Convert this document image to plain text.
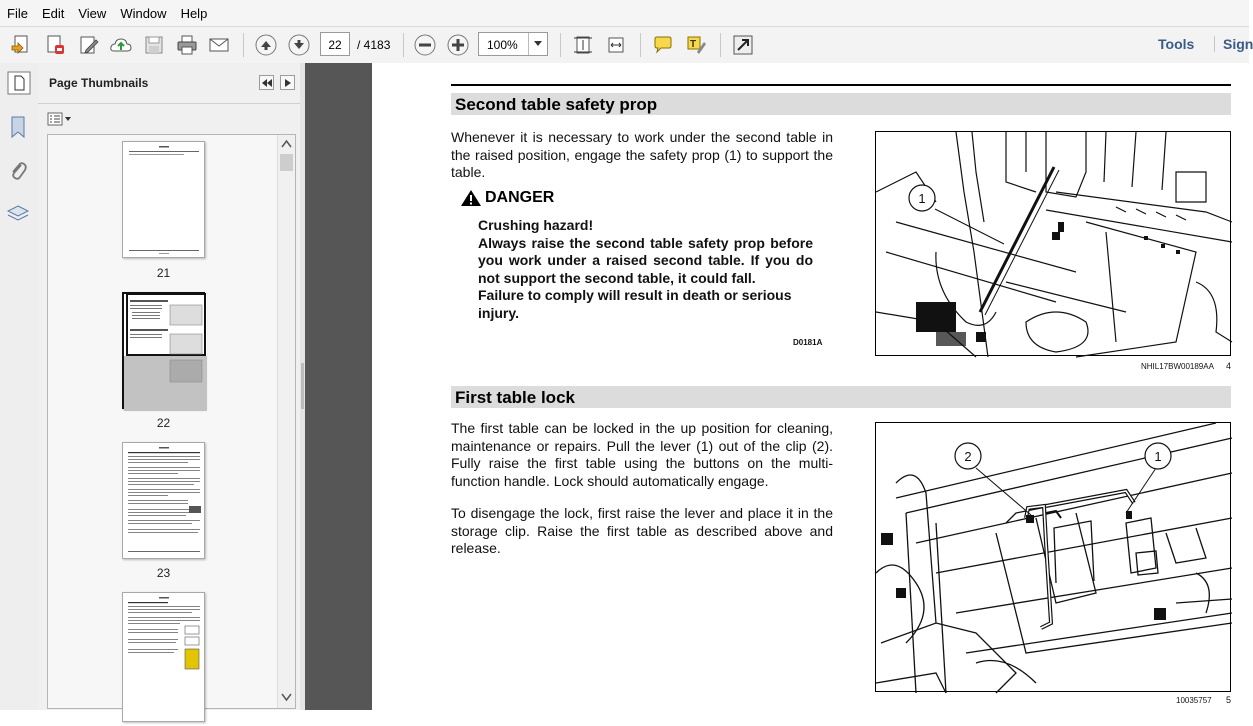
File	Edit	View	Window	Help
22	/ 4183	100%	T	Tools	Sign
Page Thumbnails
21
22
23
Second table safety prop
Whenever it is necessary to work under the second table in the raised position, engage the safety prop (1) to support the table.
DANGER
Crushing hazard!
Always raise the second table safety prop before you work under a raised second table. If you do not support the second table, it could fall.
Failure to comply will result in death or serious injury.
D0181A
1
NHIL17BW00189AA 4
First table lock
The first table can be locked in the up position for cleaning, maintenance or repairs. Pull the lever (1) out of the clip (2). Fully raise the first table using the buttons on the multi-function handle. Lock should automatically engage.
To disengage the lock, first raise the lever and place it in the storage clip. Raise the first table as described above and release.
2	1
10035757 5
